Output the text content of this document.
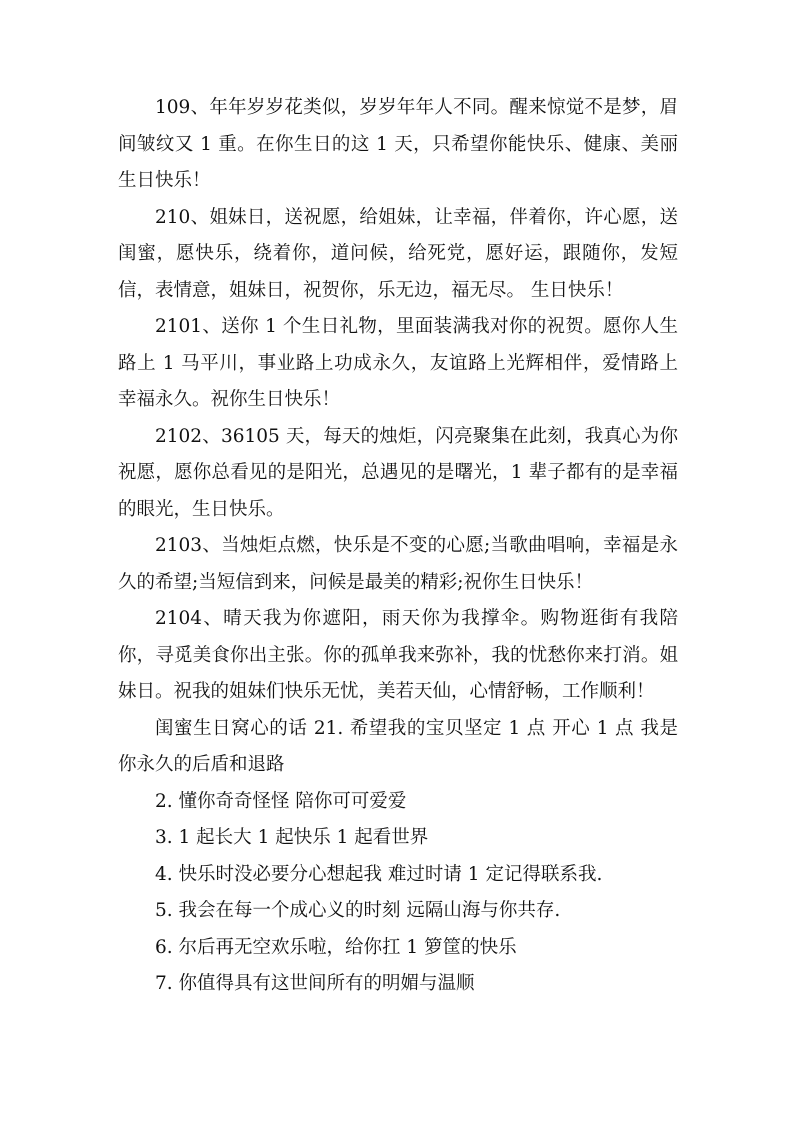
109、年年岁岁花类似，岁岁年年人不同。醒来惊觉不是梦，眉间皱纹又 1 重。在你生日的这 1 天，只希望你能快乐、健康、美丽生日快乐！

210、姐妹日，送祝愿，给姐妹，让幸福，伴着你，许心愿，送闺蜜，愿快乐，绕着你，道问候，给死党，愿好运，跟随你，发短信，表情意，姐妹日，祝贺你，乐无边，福无尽。 生日快乐！

2101、送你 1 个生日礼物，里面装满我对你的祝贺。愿你人生路上 1 马平川，事业路上功成永久，友谊路上光辉相伴，爱情路上幸福永久。祝你生日快乐！

2102、36105 天，每天的烛炬，闪亮聚集在此刻，我真心为你祝愿，愿你总看见的是阳光，总遇见的是曙光，1 辈子都有的是幸福的眼光，生日快乐。

2103、当烛炬点燃，快乐是不变的心愿;当歌曲唱响，幸福是永久的希望;当短信到来，问候是最美的精彩;祝你生日快乐！

2104、晴天我为你遮阳，雨天你为我撑伞。购物逛街有我陪你，寻觅美食你出主张。你的孤单我来弥补，我的忧愁你来打消。姐妹日。祝我的姐妹们快乐无忧，美若天仙，心情舒畅，工作顺利！

闺蜜生日窝心的话 21. 希望我的宝贝坚定 1 点 开心 1 点 我是你永久的后盾和退路

2. 懂你奇奇怪怪 陪你可可爱爱

3. 1 起长大 1 起快乐 1 起看世界

4. 快乐时没必要分心想起我 难过时请 1 定记得联系我.

5. 我会在每一个成心义的时刻 远隔山海与你共存.

6. 尔后再无空欢乐啦，给你扛 1 箩筐的快乐

7. 你值得具有这世间所有的明媚与温顺
